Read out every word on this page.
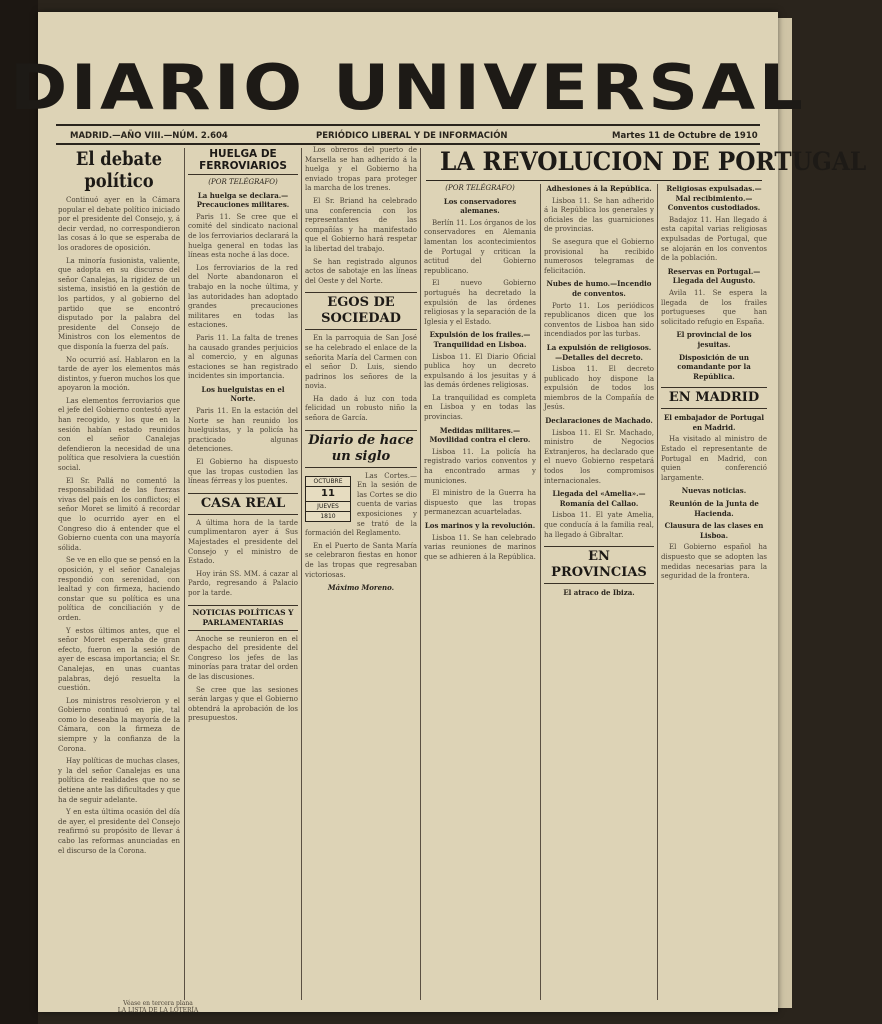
DIARIO UNIVERSAL
MADRID.—AÑO VIII.—NÚM. 2.604	PERIÓDICO LIBERAL Y DE INFORMACIÓN	Martes 11 de Octubre de 1910
El debate político

Continuó ayer en la Cámara popular el debate político iniciado por el presidente del Consejo, y, á decir verdad, no correspondieron las cosas á lo que se esperaba de los oradores de oposición.

La minoría fusionista, valiente, que adopta en su discurso del señor Canalejas, la rigidez de un sistema, insistió en la gestión de los partidos, y al gobierno del partido que se encontró disputado por la palabra del presidente del Consejo de Ministros con los elementos de que disponía la fuerza del país.

No ocurrió así. Hablaron en la tarde de ayer los elementos más distintos, y fueron muchos los que apoyaron la moción.

Las elementos ferroviarios que el jefe del Gobierno contestó ayer han recogido, y los que en la sesión habían estado reunidos con el señor Canalejas defendieron la necesidad de una política que resolviera la cuestión social.

El Sr. Pallá no comentó la responsabilidad de las fuerzas vivas del país en los conflictos; el señor Moret se limitó á recordar que lo ocurrido ayer en el Congreso dio á entender que el Gobierno cuenta con una mayoría sólida.

Se ve en ello que se pensó en la oposición, y el señor Canalejas respondió con serenidad, con lealtad y con firmeza, haciendo constar que su política es una política de conciliación y de orden.

Y estos últimos antes, que el señor Moret esperaba de gran efecto, fueron en la sesión de ayer de escasa importancia; el Sr. Canalejas, en unas cuantas palabras, dejó resuelta la cuestión.

Los ministros resolvieron y el Gobierno continuó en pie, tal como lo deseaba la mayoría de la Cámara, con la firmeza de siempre y la confianza de la Corona.

Hay políticas de muchas clases, y la del señor Canalejas es una política de realidades que no se detiene ante las dificultades y que ha de seguir adelante.

Y en esta última ocasión del día de ayer, el presidente del Consejo reafirmó su propósito de llevar á cabo las reformas anunciadas en el discurso de la Corona.

Véase en tercera plana
LA LISTA DE LA LOTERÍA
HUELGA DE FERROVIARIOS

(POR TELÉGRAFO)

La huelga se declara.—Precauciones militares.

Paris 11. Se cree que el comité del sindicato nacional de los ferroviarios declarará la huelga general en todas las líneas esta noche á las doce.

Los ferroviarios de la red del Norte abandonaron el trabajo en la noche última, y las autoridades han adoptado grandes precauciones militares en todas las estaciones.

Paris 11. La falta de trenes ha causado grandes perjuicios al comercio, y en algunas estaciones se han registrado incidentes sin importancia.

Los huelguistas en el Norte.

Paris 11. En la estación del Norte se han reunido los huelguistas, y la policía ha practicado algunas detenciones.

El Gobierno ha dispuesto que las tropas custodien las líneas férreas y los puentes.

CASA REAL

A última hora de la tarde cumplimentaron ayer á Sus Majestades el presidente del Consejo y el ministro de Estado.

Hoy irán SS. MM. á cazar al Pardo, regresando á Palacio por la tarde.

NOTICIAS POLÍTICAS Y PARLAMENTARIAS

Anoche se reunieron en el despacho del presidente del Congreso los jefes de las minorías para tratar del orden de las discusiones.

Se cree que las sesiones serán largas y que el Gobierno obtendrá la aprobación de los presupuestos.

Los obreros del puerto de Marsella se han adherido á la huelga y el Gobierno ha enviado tropas para proteger la marcha de los trenes.

El Sr. Briand ha celebrado una conferencia con los representantes de las compañías y ha manifestado que el Gobierno hará respetar la libertad del trabajo.

Se han registrado algunos actos de sabotaje en las líneas del Oeste y del Norte.

EGOS DE SOCIEDAD

En la parroquia de San José se ha celebrado el enlace de la señorita María del Carmen con el señor D. Luis, siendo padrinos los señores de la novia.

Ha dado á luz con toda felicidad un robusto niño la señora de García.

Diario de hace un siglo
OCTUBRE
11
JUEVES
1810

Las Cortes.—En la sesión de las Cortes se dio cuenta de varias exposiciones y se trató de la formación del Reglamento.

En el Puerto de Santa María se celebraron fiestas en honor de las tropas que regresaban victoriosas.

Máximo Moreno.

LA REVOLUCION DE PORTUGAL

(POR TELÉGRAFO)

Los conservadores alemanes.

Berlín 11. Los órganos de los conservadores en Alemania lamentan los acontecimientos de Portugal y critican la actitud del Gobierno republicano.

El nuevo Gobierno portugués ha decretado la expulsión de las órdenes religiosas y la separación de la Iglesia y el Estado.

Expulsión de los frailes.—Tranquilidad en Lisboa.

Lisboa 11. El Diario Oficial publica hoy un decreto expulsando á los jesuitas y á las demás órdenes religiosas.

La tranquilidad es completa en Lisboa y en todas las provincias.

Medidas militares.—Movilidad contra el clero.

Lisboa 11. La policía ha registrado varios conventos y ha encontrado armas y municiones.

El ministro de la Guerra ha dispuesto que las tropas permanezcan acuarteladas.

Los marinos y la revolución.

Lisboa 11. Se han celebrado varias reuniones de marinos que se adhieren á la República.

Adhesiones á la República.

Lisboa 11. Se han adherido á la República los generales y oficiales de las guarniciones de provincias.

Se asegura que el Gobierno provisional ha recibido numerosos telegramas de felicitación.

Nubes de humo.—Incendio de conventos.

Porto 11. Los periódicos republicanos dicen que los conventos de Lisboa han sido incendiados por las turbas.

La expulsión de religiosos.—Detalles del decreto.

Lisboa 11. El decreto publicado hoy dispone la expulsión de todos los miembros de la Compañía de Jesús.

Declaraciones de Machado.

Lisboa 11. El Sr. Machado, ministro de Negocios Extranjeros, ha declarado que el nuevo Gobierno respetará todos los compromisos internacionales.

Llegada del «Amelia».—Romanía del Callao.

Lisboa 11. El yate Amelia, que conducía á la familia real, ha llegado á Gibraltar.

EN PROVINCIAS

El atraco de Ibiza.

Religiosas expulsadas.—Mal recibimiento.—Conventos custodiados.

Badajoz 11. Han llegado á esta capital varias religiosas expulsadas de Portugal, que se alojarán en los conventos de la población.

Reservas en Portugal.—Llegada del Augusto.

Avila 11. Se espera la llegada de los frailes portugueses que han solicitado refugio en España.

El provincial de los jesuitas.

Disposición de un comandante por la República.

EN MADRID

El embajador de Portugal en Madrid.

Ha visitado al ministro de Estado el representante de Portugal en Madrid, con quien conferenció largamente.

Nuevas noticias.

Reunión de la Junta de Hacienda.

Clausura de las clases en Lisboa.

El Gobierno español ha dispuesto que se adopten las medidas necesarias para la seguridad de la frontera.
